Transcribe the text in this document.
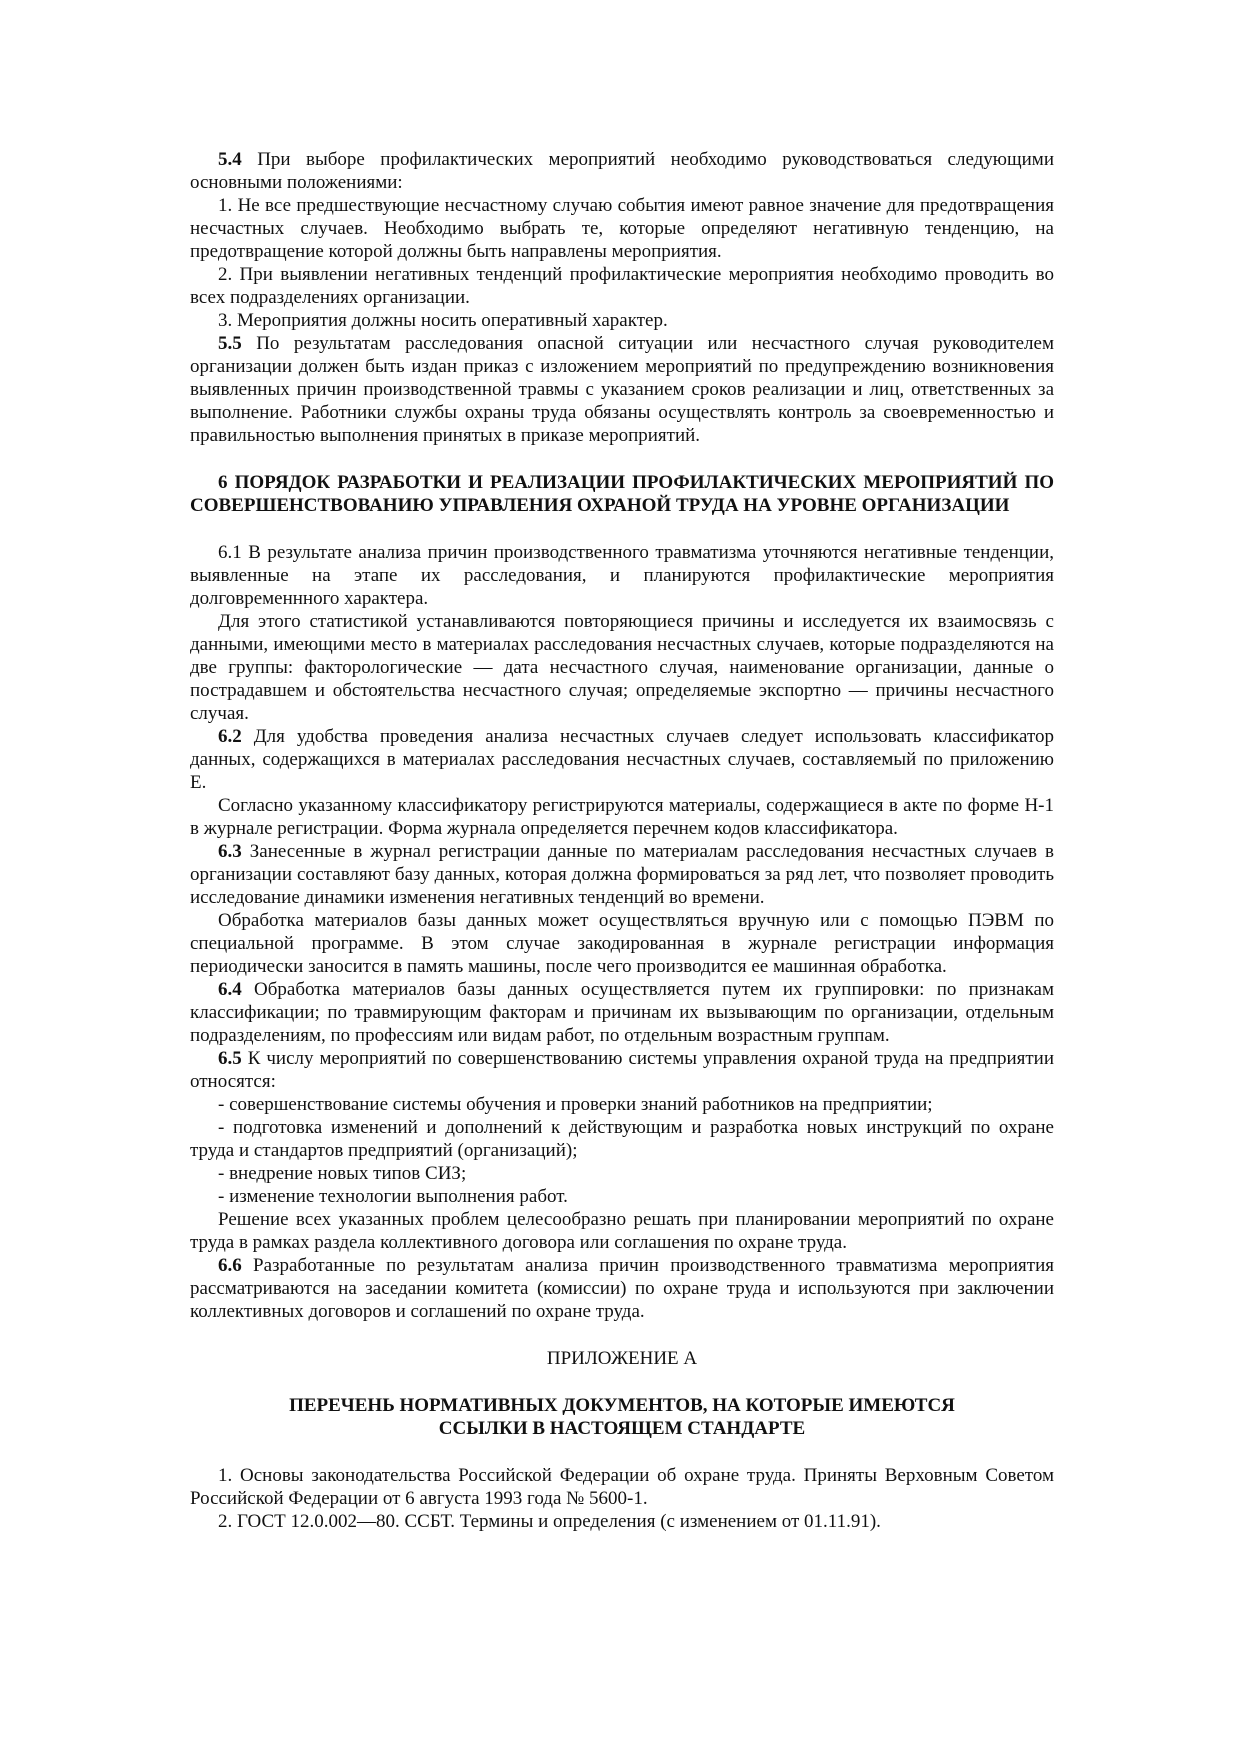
5.4 При выборе профилактических мероприятий необходимо руководствоваться следующими основными положениями:

1. Не все предшествующие несчастному случаю события имеют равное значение для предотвращения несчастных случаев. Необходимо выбрать те, которые определяют негативную тенденцию, на предотвращение которой должны быть направлены мероприятия.

2. При выявлении негативных тенденций профилактические мероприятия необходимо проводить во всех подразделениях организации.

3. Мероприятия должны носить оперативный характер.

5.5 По результатам расследования опасной ситуации или несчастного случая руководителем организации должен быть издан приказ с изложением мероприятий по предупреждению возникновения выявленных причин производственной травмы с указанием сроков реализации и лиц, ответственных за выполнение. Работники службы охраны труда обязаны осуществлять контроль за своевременностью и правильностью выполнения принятых в приказе мероприятий.

6 ПОРЯДОК РАЗРАБОТКИ И РЕАЛИЗАЦИИ ПРОФИЛАКТИЧЕСКИХ МЕРОПРИЯТИЙ ПО СОВЕРШЕНСТВОВАНИЮ УПРАВЛЕНИЯ ОХРАНОЙ ТРУДА НА УРОВНЕ ОРГАНИЗАЦИИ

6.1 В результате анализа причин производственного травматизма уточняются негативные тенденции, выявленные на этапе их расследования, и планируются профилактические мероприятия долговременнного характера.

Для этого статистикой устанавливаются повторяющиеся причины и исследуется их взаимосвязь с данными, имеющими место в материалах расследования несчастных случаев, которые подразделяются на две группы: факторологические — дата несчастного случая, наименование организации, данные о пострадавшем и обстоятельства несчастного случая; определяемые экспортно — причины несчастного случая.

6.2 Для удобства проведения анализа несчастных случаев следует использовать классификатор данных, содержащихся в материалах расследования несчастных случаев, составляемый по приложению Е.

Согласно указанному классификатору регистрируются материалы, содержащиеся в акте по форме Н-1 в журнале регистрации. Форма журнала определяется перечнем кодов классификатора.

6.3 Занесенные в журнал регистрации данные по материалам расследования несчастных случаев в организации составляют базу данных, которая должна формироваться за ряд лет, что позволяет проводить исследование динамики изменения негативных тенденций во времени.

Обработка материалов базы данных может осуществляться вручную или с помощью ПЭВМ по специальной программе. В этом случае закодированная в журнале регистрации информация периодически заносится в память машины, после чего производится ее машинная обработка.

6.4 Обработка материалов базы данных осуществляется путем их группировки: по признакам классификации; по травмирующим факторам и причинам их вызывающим по организации, отдельным подразделениям, по профессиям или видам работ, по отдельным возрастным группам.

6.5 К числу мероприятий по совершенствованию системы управления охраной труда на предприятии относятся:

- совершенствование системы обучения и проверки знаний работников на предприятии;

- подготовка изменений и дополнений к действующим и разработка новых инструкций по охране труда и стандартов предприятий (организаций);

- внедрение новых типов СИЗ;

- изменение технологии выполнения работ.

Решение всех указанных проблем целесообразно решать при планировании мероприятий по охране труда в рамках раздела коллективного договора или соглашения по охране труда.

6.6 Разработанные по результатам анализа причин производственного травматизма мероприятия рассматриваются на заседании комитета (комиссии) по охране труда и используются при заключении коллективных договоров и соглашений по охране труда.

ПРИЛОЖЕНИЕ А

ПЕРЕЧЕНЬ НОРМАТИВНЫХ ДОКУМЕНТОВ, НА КОТОРЫЕ ИМЕЮТСЯ
ССЫЛКИ В НАСТОЯЩЕМ СТАНДАРТЕ

1. Основы законодательства Российской Федерации об охране труда. Приняты Верховным Советом Российской Федерации от 6 августа 1993 года № 5600-1.

2. ГОСТ 12.0.002—80. ССБТ. Термины и определения (с изменением от 01.11.91).
